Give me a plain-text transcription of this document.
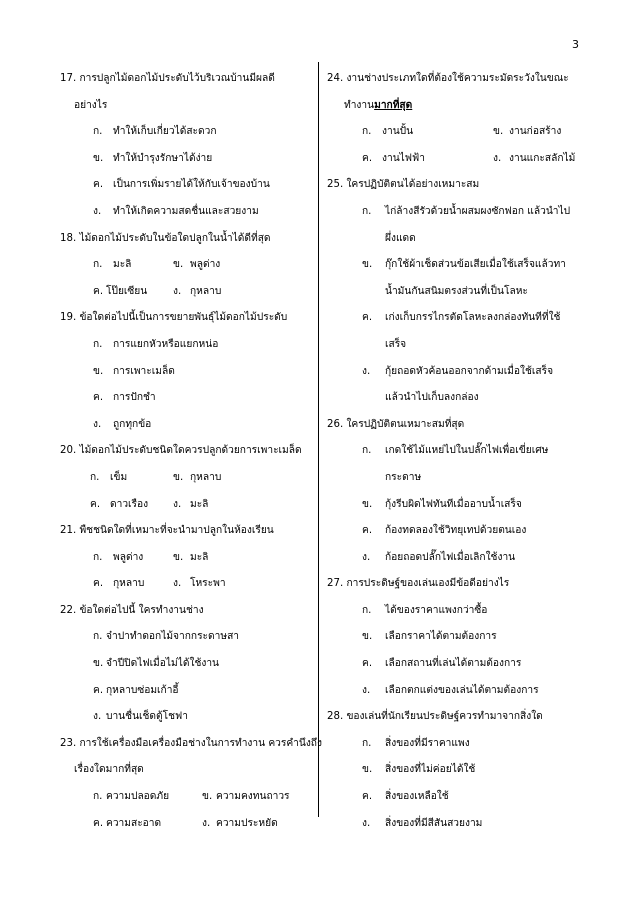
3
17. การปลูกไม้ดอกไม้ประดับไว้บริเวณบ้านมีผลดี
อย่างไร
ก. ทำให้เก็บเกี่ยวได้สะดวก
ข. ทำให้บำรุงรักษาได้ง่าย
ค. เป็นการเพิ่มรายได้ให้กับเจ้าของบ้าน
ง. ทำให้เกิดความสดชื่นและสวยงาม
18. ไม้ดอกไม้ประดับในข้อใดปลูกในน้ำได้ดีที่สุด
ก. มะลิ	ข. พลูด่าง
ค. โป๊ยเซียน	ง. กุหลาบ
19. ข้อใดต่อไปนี้เป็นการขยายพันธุ์ไม้ดอกไม้ประดับ
ก. การแยกหัวหรือแยกหน่อ
ข. การเพาะเมล็ด
ค. การปักชำ
ง. ถูกทุกข้อ
20. ไม้ดอกไม้ประดับชนิดใดควรปลูกด้วยการเพาะเมล็ด
ก. เข็ม	ข. กุหลาบ
ค. ดาวเรือง ง. มะลิ
21. พืชชนิดใดที่เหมาะที่จะนำมาปลูกในห้องเรียน
ก. พลูด่าง	ข. มะลิ
ค. กุหลาบ	ง. โหระพา
22. ข้อใดต่อไปนี้ ใครทำงานช่าง
ก. จ๋าปาทำดอกไม้จากกระดาษสา
ข. จำปีปิดไฟเมื่อไม่ได้ใช้งาน
ค. กุหลาบซ่อมเก้าอี้
ง. บานชื่นเช็ดตู้โชฟา
23. การใช้เครื่องมือเครื่องมือช่างในการทำงาน ควรคำนึงถึง
เรื่องใดมากที่สุด
ก. ความปลอดภัย	ข. ความคงทนถาวร
ค. ความสะอาด	ง. ความประหยัด
24. งานช่างประเภทใดที่ต้องใช้ความระมัดระวังในขณะ
ทำงานมากที่สุด
ก. งานปั้น	ข. งานก่อสร้าง
ค. งานไฟฟ้า	ง. งานแกะสลักไม้
25. ใครปฏิบัติตนได้อย่างเหมาะสม
ก. ไก่ล้างสีรัวด้วยน้ำผสมผงซักฟอก แล้วนำไป
ผึ่งแดด
ข. กุ๊กใช้ผ้าเช็ดส่วนข้อเสียเมื่อใช้เสร็จแล้วทา
น้ำมันกันสนิมตรงส่วนที่เป็นโลหะ
ค. เก่งเก็บกรรไกรตัดโลหะลงกล่องทันทีที่ใช้
เสร็จ
ง. กุ้ยถอดหัวค้อนออกจากด้ามเมื่อใช้เสร็จ
แล้วนำไปเก็บลงกล่อง
26. ใครปฏิบัติตนเหมาะสมที่สุด
ก. เกดใช้ไม้แหย่ไปในปลั๊กไฟเพื่อเขี่ยเศษ
กระดาษ
ข. กุ้งรีบผิดไฟทันทีเมื่ออาบน้ำเสร็จ
ค. ก้องทดลองใช้วิทยุเทปด้วยตนเอง
ง. ก้อยถอดปลั๊กไฟเมื่อเลิกใช้งาน
27. การประดิษฐ์ของเล่นเองมีข้อดีอย่างไร
ก. ได้ของราคาแพงกว่าซื้อ
ข. เลือกราคาได้ตามต้องการ
ค. เลือกสถานที่เล่นได้ตามต้องการ
ง. เลือกตกแต่งของเล่นได้ตามต้องการ
28. ของเล่นที่นักเรียนประดิษฐ์ควรทำมาจากสิ่งใด
ก. สิ่งของที่มีราคาแพง
ข. สิ่งของที่ไม่ค่อยได้ใช้
ค. สิ่งของเหลือใช้
ง. สิ่งของที่มีสีสันสวยงาม
